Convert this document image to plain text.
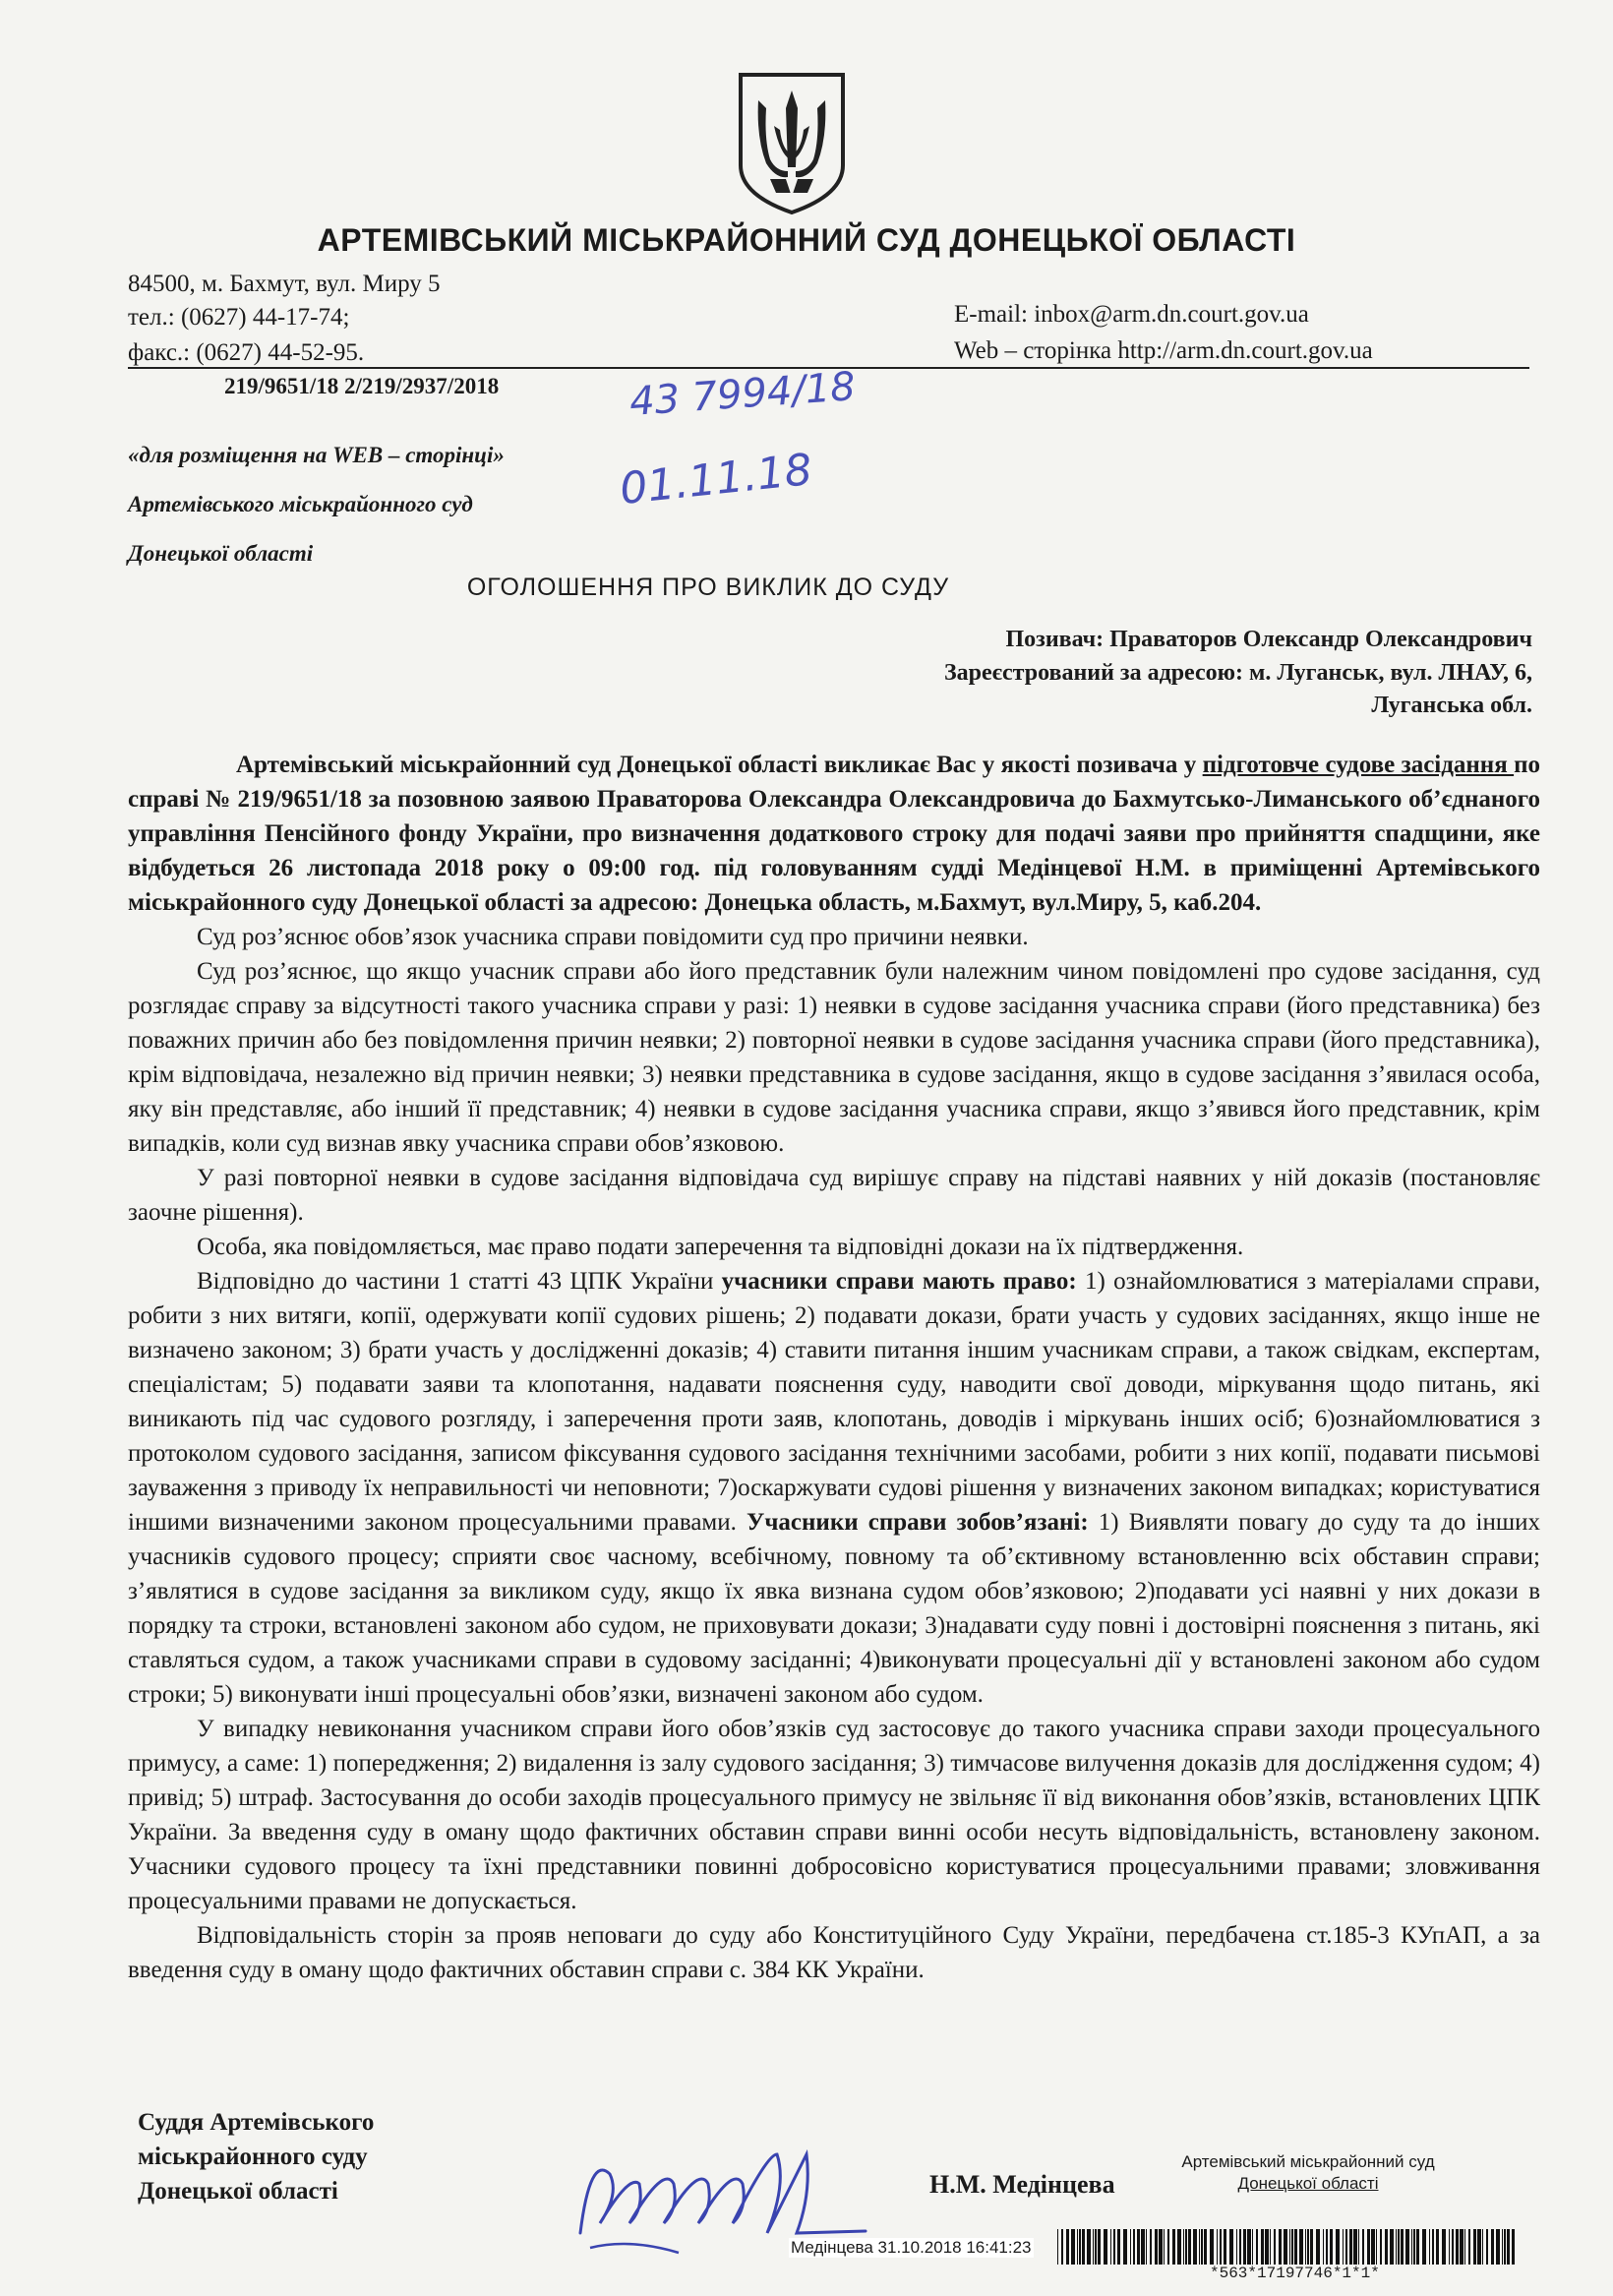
АРТЕМІВСЬКИЙ МІСЬКРАЙОННИЙ СУД ДОНЕЦЬКОЇ ОБЛАСТІ
84500, м. Бахмут, вул. Миру 5
тел.: (0627) 44-17-74;
факс.: (0627) 44-52-95.
E-mail: inbox@arm.dn.court.gov.ua
Web – сторінка http://arm.dn.court.gov.ua
219/9651/18 2/219/2937/2018	43 7994/18
01.11.18
«для розміщення на WEB – сторінці»
Артемівського міськрайонного суд
Донецької області
ОГОЛОШЕННЯ ПРО ВИКЛИК ДО СУДУ
Позивач: Праваторов Олександр Олександрович
Зареєстрований за адресою: м. Луганськ, вул. ЛНАУ, 6,
Луганська обл.

Артемівський міськрайонний суд Донецької області викликає Вас у якості позивача у підготовче судове засідання по справі № 219/9651/18 за позовною заявою Праваторова Олександра Олександровича до Бахмутсько-Лиманського об’єднаного управління Пенсійного фонду України, про визначення додаткового строку для подачі заяви про прийняття спадщини, яке відбудеться 26 листопада 2018 року о 09:00 год. під головуванням судді Медінцевої Н.М. в приміщенні Артемівського міськрайонного суду Донецької області за адресою: Донецька область, м.Бахмут, вул.Миру, 5, каб.204.

Суд роз’яснює обов’язок учасника справи повідомити суд про причини неявки.

Суд роз’яснює, що якщо учасник справи або його представник були належним чином повідомлені про судове засідання, суд розглядає справу за відсутності такого учасника справи у разі: 1) неявки в судове засідання учасника справи (його представника) без поважних причин або без повідомлення причин неявки; 2) повторної неявки в судове засідання учасника справи (його представника), крім відповідача, незалежно від причин неявки; 3) неявки представника в судове засідання, якщо в судове засідання з’явилася особа, яку він представляє, або інший її представник; 4) неявки в судове засідання учасника справи, якщо з’явився його представник, крім випадків, коли суд визнав явку учасника справи обов’язковою.

У разі повторної неявки в судове засідання відповідача суд вирішує справу на підставі наявних у ній доказів (постановляє заочне рішення).

Особа, яка повідомляється, має право подати заперечення та відповідні докази на їх підтвердження.

Відповідно до частини 1 статті 43 ЦПК України учасники справи мають право: 1) ознайомлюватися з матеріалами справи, робити з них витяги, копії, одержувати копії судових рішень; 2) подавати докази, брати участь у судових засіданнях, якщо інше не визначено законом; 3) брати участь у дослідженні доказів; 4) ставити питання іншим учасникам справи, а також свідкам, експертам, спеціалістам; 5) подавати заяви та клопотання, надавати пояснення суду, наводити свої доводи, міркування щодо питань, які виникають під час судового розгляду, і заперечення проти заяв, клопотань, доводів і міркувань інших осіб; 6)ознайомлюватися з протоколом судового засідання, записом фіксування судового засідання технічними засобами, робити з них копії, подавати письмові зауваження з приводу їх неправильності чи неповноти; 7)оскаржувати судові рішення у визначених законом випадках; користуватися іншими визначеними законом процесуальними правами. Учасники справи зобов’язані: 1) Виявляти повагу до суду та до інших учасників судового процесу; сприяти своє часному, всебічному, повному та об’єктивному встановленню всіх обставин справи; з’являтися в судове засідання за викликом суду, якщо їх явка визнана судом обов’язковою; 2)подавати усі наявні у них докази в порядку та строки, встановлені законом або судом, не приховувати докази; 3)надавати суду повні і достовірні пояснення з питань, які ставляться судом, а також учасниками справи в судовому засіданні; 4)виконувати процесуальні дії у встановлені законом або судом строки; 5) виконувати інші процесуальні обов’язки, визначені законом або судом.

У випадку невиконання учасником справи його обов’язків суд застосовує до такого учасника справи заходи процесуального примусу, а саме: 1) попередження; 2) видалення із залу судового засідання; 3) тимчасове вилучення доказів для дослідження судом; 4) привід; 5) штраф. Застосування до особи заходів процесуального примусу не звільняє її від виконання обов’язків, встановлених ЦПК України. За введення суду в оману щодо фактичних обставин справи винні особи несуть відповідальність, встановлену законом. Учасники судового процесу та їхні представники повинні добросовісно користуватися процесуальними правами; зловживання процесуальними правами не допускається.

Відповідальність сторін за прояв неповаги до суду або Конституційного Суду України, передбачена ст.185-3 КУпАП, а за введення суду в оману щодо фактичних обставин справи с. 384 КК України.

Суддя Артемівського
міськрайонного суду
Донецької області	Н.М. Медінцева
Артемівський міськрайонний суд
Донецької області
Медінцева 31.10.2018 16:41:23
*563*17197746*1*1*
